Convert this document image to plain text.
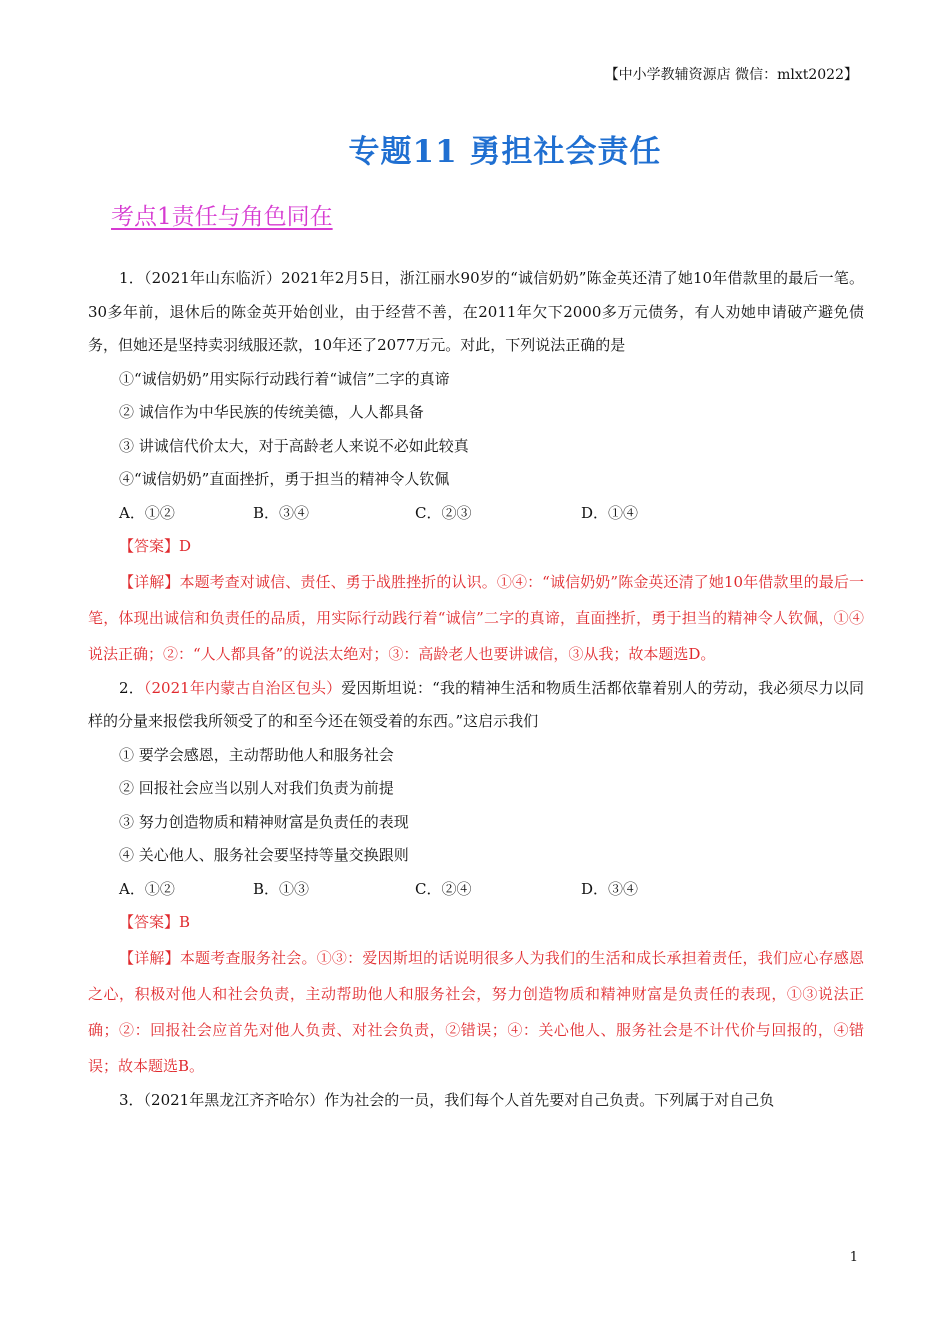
【中小学教辅资源店 微信：mlxt2022】
专题11 勇担社会责任
考点1责任与角色同在

1．（2021年山东临沂）2021年2月5日，浙江丽水90岁的“诚信奶奶”陈金英还清了她10年借款里的最后一笔。30多年前，退休后的陈金英开始创业，由于经营不善，在2011年欠下2000多万元债务，有人劝她申请破产避免债务，但她还是坚持卖羽绒服还款，10年还了2077万元。对此，下列说法正确的是

①“诚信奶奶”用实际行动践行着“诚信”二字的真谛

② 诚信作为中华民族的传统美德，人人都具备

③ 讲诚信代价太大，对于高龄老人来说不必如此较真

④“诚信奶奶”直面挫折，勇于担当的精神令人钦佩

A．①②	B．③④	C．②③	D．①④
【答案】D

【详解】本题考查对诚信、责任、勇于战胜挫折的认识。①④：“诚信奶奶”陈金英还清了她10年借款里的最后一笔，体现出诚信和负责任的品质，用实际行动践行着“诚信”二字的真谛，直面挫折，勇于担当的精神令人钦佩，①④说法正确；②：“人人都具备”的说法太绝对；③：高龄老人也要讲诚信，③从我；故本题选D。

2．（2021年内蒙古自治区包头）爱因斯坦说：“我的精神生活和物质生活都依靠着别人的劳动，我必须尽力以同样的分量来报偿我所领受了的和至今还在领受着的东西。”这启示我们

① 要学会感恩，主动帮助他人和服务社会

② 回报社会应当以别人对我们负责为前提

③ 努力创造物质和精神财富是负责任的表现

④ 关心他人、服务社会要坚持等量交换跟则

A．①②	B．①③	C．②④	D．③④
【答案】B

【详解】本题考查服务社会。①③：爱因斯坦的话说明很多人为我们的生活和成长承担着责任，我们应心存感恩之心，积极对他人和社会负责，主动帮助他人和服务社会，努力创造物质和精神财富是负责任的表现，①③说法正确；②：回报社会应首先对他人负责、对社会负责，②错误；④：关心他人、服务社会是不计代价与回报的，④错误；故本题选B。

3．（2021年黑龙江齐齐哈尔）作为社会的一员，我们每个人首先要对自己负责。下列属于对自己负

1
